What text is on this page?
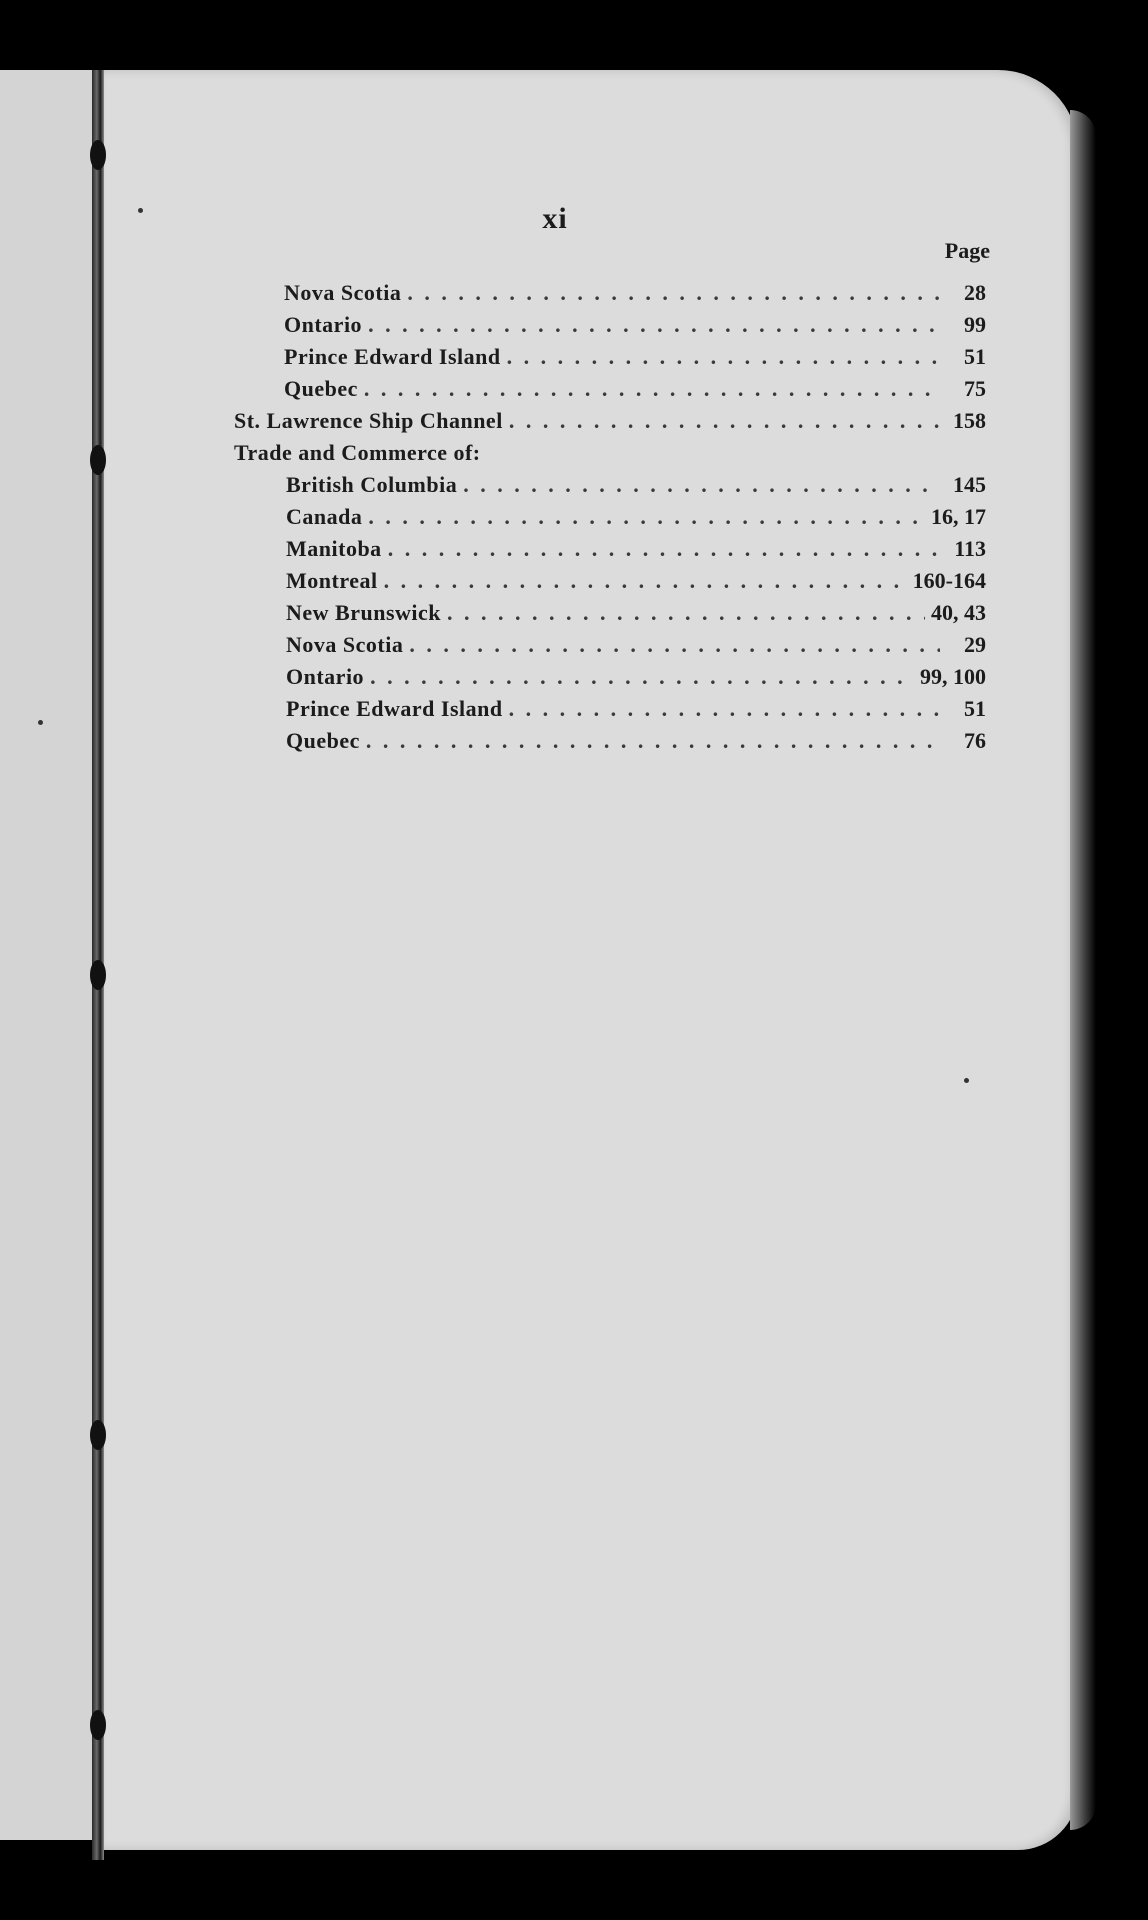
xi
Page
Nova Scotia . . .	28
Ontario . . .	99
Prince Edward Island . . .	51
Quebec . . .	75
St. Lawrence Ship Channel . . .	158
Trade and Commerce of:
British Columbia . . .	145
Canada . . .	16, 17
Manitoba . . .	113
Montreal . . .	160-164
New Brunswick . . .	40, 43
Nova Scotia . . .	29
Ontario . . .	99, 100
Prince Edward Island . . .	51
Quebec . . .	76
